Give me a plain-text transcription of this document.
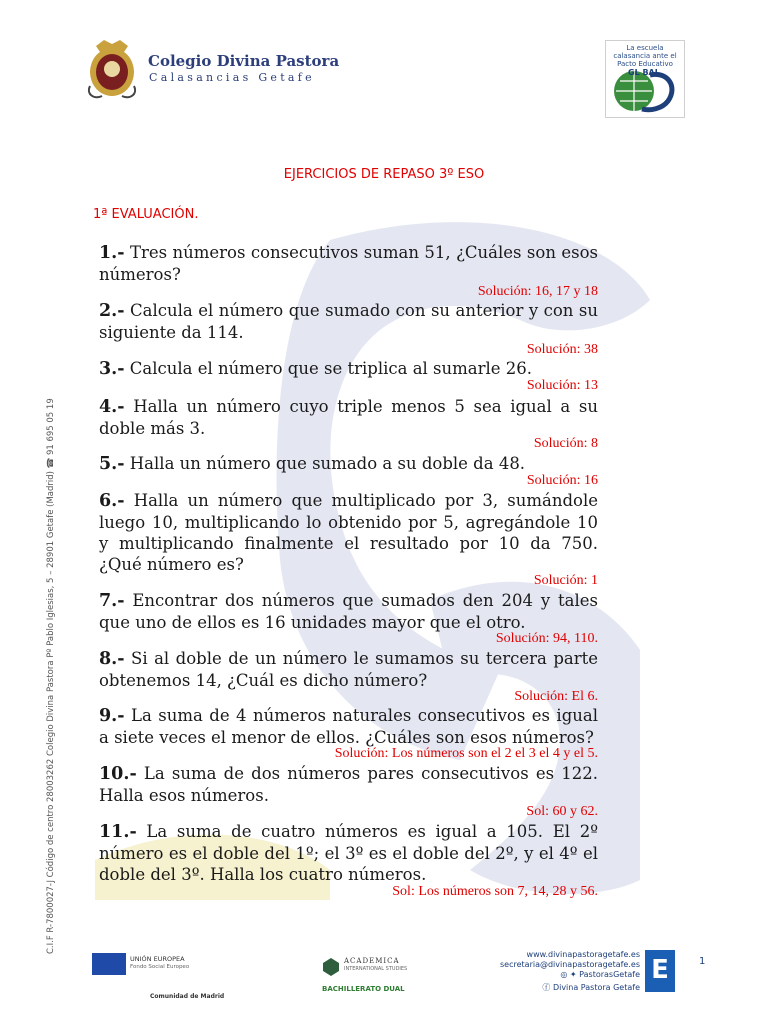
Colegio Divina Pastora
Calasancias Getafe
La escuela calasancia ante el Pacto Educativo
GL BAL
EJERCICIOS DE REPASO 3º ESO
1ª EVALUACIÓN.
1.- Tres números consecutivos suman 51, ¿Cuáles son esos números?
Solución: 16, 17 y 18
2.- Calcula el número que sumado con su anterior y con su siguiente da 114.
Solución: 38
3.- Calcula el número que se triplica al sumarle 26.
Solución: 13
4.- Halla un número cuyo triple menos 5 sea igual a su doble más 3.
Solución: 8
5.- Halla un número que sumado a su doble da 48.
Solución: 16
6.- Halla un número que multiplicado por 3, sumándole luego 10, multiplicando lo obtenido por 5, agregándole 10 y multiplicando finalmente el resultado por 10 da 750. ¿Qué número es?
Solución: 1
7.- Encontrar dos números que sumados den 204 y tales que uno de ellos es 16 unidades mayor que el otro.
Solución: 94, 110.
8.- Si al doble de un número le sumamos su tercera parte obtenemos 14, ¿Cuál es dicho número?
Solución: El 6.
9.- La suma de 4 números naturales consecutivos es igual a siete veces el menor de ellos. ¿Cuáles son esos números?
Solución: Los números son el 2 el 3 el 4 y el 5.
10.- La suma de dos números pares consecutivos es 122. Halla esos números.
Sol: 60 y 62.
11.- La suma de cuatro números es igual a 105. El 2º número es el doble del 1º; el 3º es el doble del 2º, y el 4º el doble del 3º. Halla los cuatro números.
Sol: Los números son 7, 14, 28 y 56.
C.I.F R-7800027-J Código de centro 28003262 Colegio Divina Pastora Pº Pablo Iglesias, 5 – 28901 Getafe (Madrid) ☎ 91 695 05 19
UNIÓN EUROPEA
Fondo Social Europeo
Comunidad de Madrid
ACADEMICA
INTERNATIONAL STUDIES
BACHILLERATO DUAL
www.divinapastoragetafe.es
secretaria@divinapastoragetafe.es
◎ ✦ PastorasGetafe
ⓕ Divina Pastora Getafe
E	1
